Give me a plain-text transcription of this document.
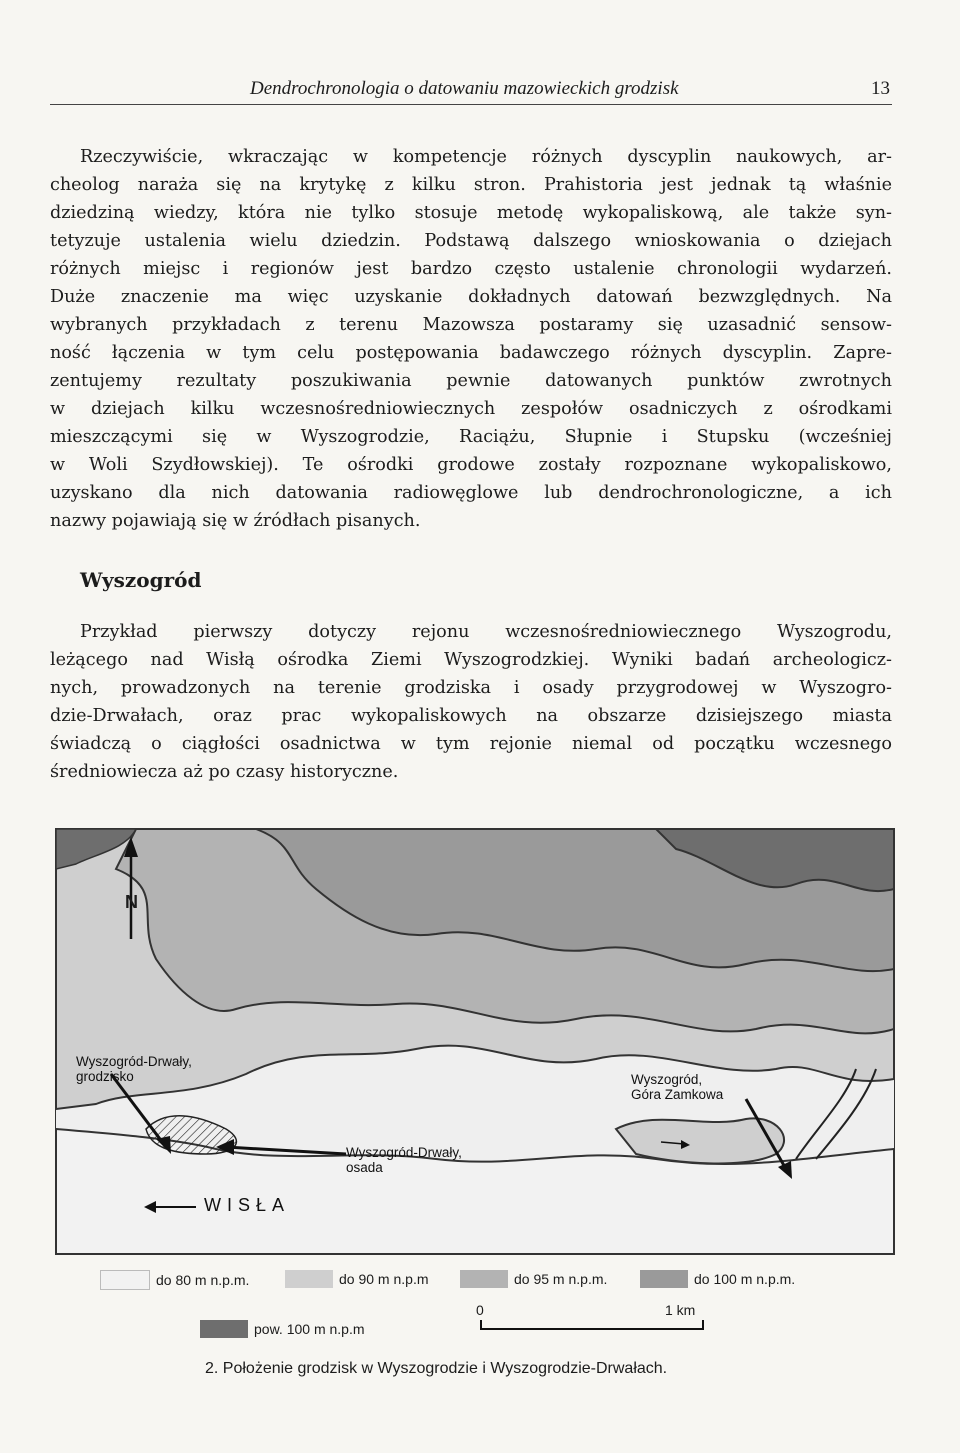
Dendrochronologia o datowaniu mazowieckich grodzisk	13
Rzeczywiście, wkraczając w kompetencje różnych dyscyplin naukowych, ar-
cheolog naraża się na krytykę z kilku stron. Prahistoria jest jednak tą właśnie
dziedziną wiedzy, która nie tylko stosuje metodę wykopaliskową, ale także syn-
tetyzuje ustalenia wielu dziedzin. Podstawą dalszego wnioskowania o dziejach
różnych miejsc i regionów jest bardzo często ustalenie chronologii wydarzeń.
Duże znaczenie ma więc uzyskanie dokładnych datowań bezwzględnych. Na
wybranych przykładach z terenu Mazowsza postaramy się uzasadnić sensow-
ność łączenia w tym celu postępowania badawczego różnych dyscyplin. Zapre-
zentujemy rezultaty poszukiwania pewnie datowanych punktów zwrotnych
w dziejach kilku wczesnośredniowiecznych zespołów osadniczych z ośrodkami
mieszczącymi się w Wyszogrodzie, Raciążu, Słupnie i Stupsku (wcześniej
w Woli Szydłowskiej). Te ośrodki grodowe zostały rozpoznane wykopaliskowo,
uzyskano dla nich datowania radiowęglowe lub dendrochronologiczne, a ich
nazwy pojawiają się w źródłach pisanych.
Wyszogród
Przykład pierwszy dotyczy rejonu wczesnośredniowiecznego Wyszogrodu,
leżącego nad Wisłą ośrodka Ziemi Wyszogrodzkiej. Wyniki badań archeologicz-
nych, prowadzonych na terenie grodziska i osady przygrodowej w Wyszogro-
dzie-Drwałach, oraz prac wykopaliskowych na obszarze dzisiejszego miasta
świadczą o ciągłości osadnictwa w tym rejonie niemal od początku wczesnego
średniowiecza aż po czasy historyczne.
N
Wyszogród-Drwały,
grodzisko
Wyszogród-Drwały,
osada
Wyszogród,
Góra Zamkowa
WISŁA
do 80 m n.p.m.	do 90 m n.p.m	do 95 m n.p.m.	do 100 m n.p.m.
pow. 100 m n.p.m
0	1 km
2. Położenie grodzisk w Wyszogrodzie i Wyszogrodzie-Drwałach.
